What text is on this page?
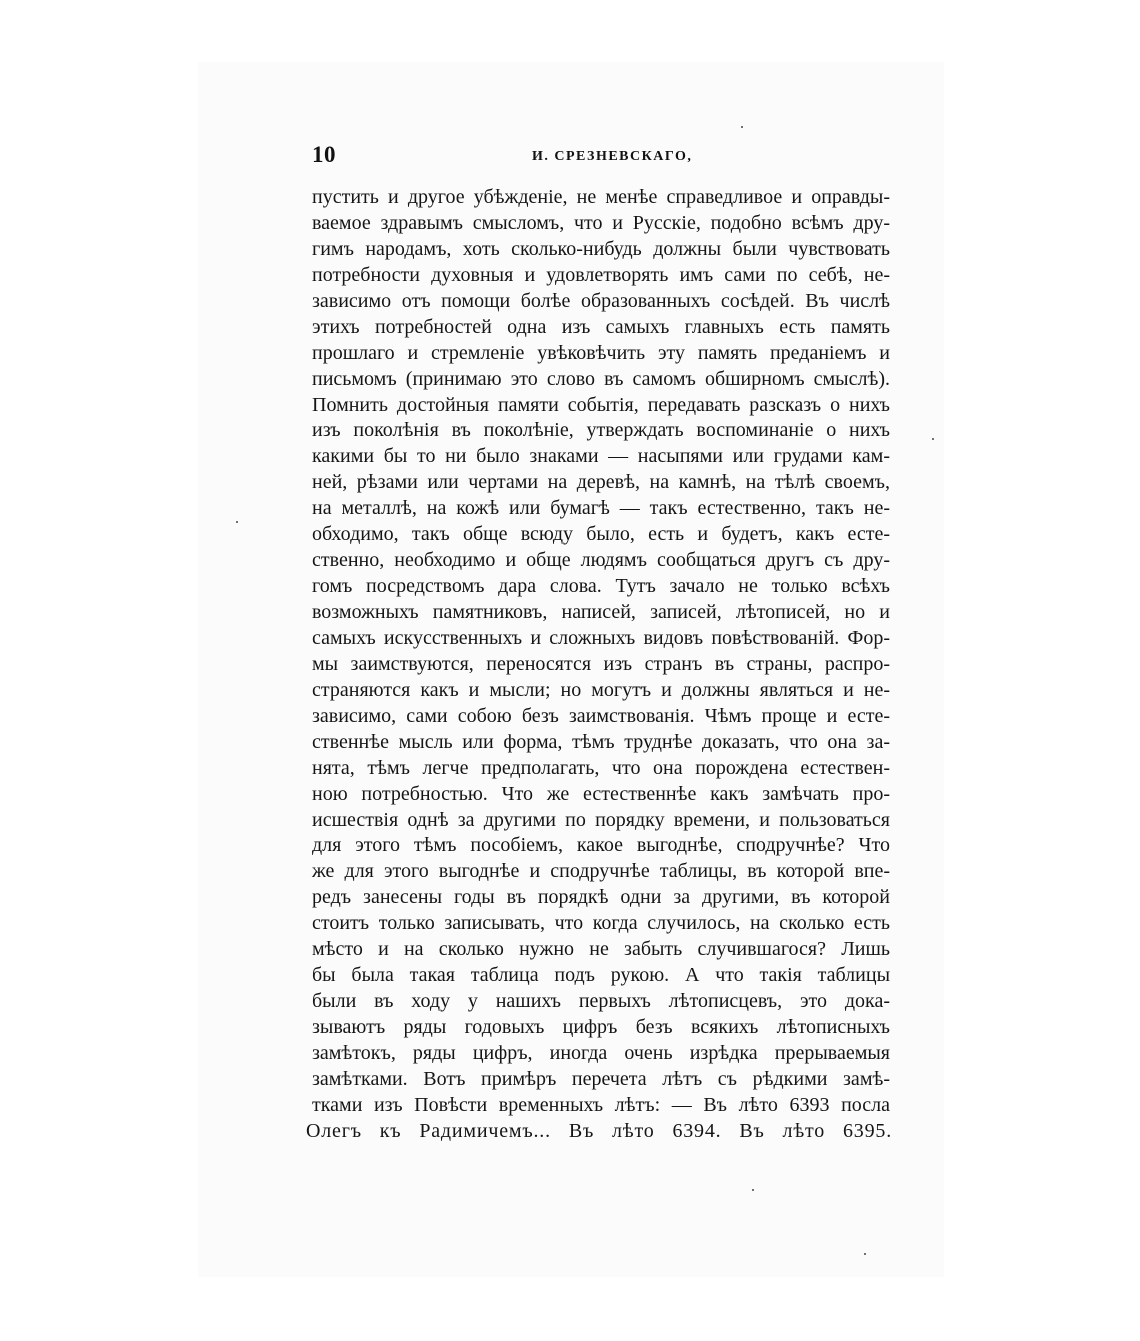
10	И. СРЕЗНЕВСКАГО,
пустить и другое убѣжденіе, не менѣе справедливое и оправды-
ваемое здравымъ смысломъ, что и Русскіе, подобно всѣмъ дру-
гимъ народамъ, хоть сколько-нибудь должны были чувствовать
потребности духовныя и удовлетворять имъ сами по себѣ, не-
зависимо отъ помощи болѣе образованныхъ сосѣдей. Въ числѣ
этихъ потребностей одна изъ самыхъ главныхъ есть память
прошлаго и стремленіе увѣковѣчить эту память преданіемъ и
письмомъ (принимаю это слово въ самомъ обширномъ смыслѣ).
Помнить достойныя памяти событія, передавать разсказъ о нихъ
изъ поколѣнія въ поколѣніе, утверждать воспоминаніе о нихъ
какими бы то ни было знаками — насыпями или грудами кам-
ней, рѣзами или чертами на деревѣ, на камнѣ, на тѣлѣ своемъ,
на металлѣ, на кожѣ или бумагѣ — такъ естественно, такъ не-
обходимо, такъ обще всюду было, есть и будетъ, какъ есте-
ственно, необходимо и обще людямъ сообщаться другъ съ дру-
гомъ посредствомъ дара слова. Тутъ зачало не только всѣхъ
возможныхъ памятниковъ, написей, записей, лѣтописей, но и
самыхъ искусственныхъ и сложныхъ видовъ повѣствованій. Фор-
мы заимствуются, переносятся изъ странъ въ страны, распро-
страняются какъ и мысли; но могутъ и должны являться и не-
зависимо, сами собою безъ заимствованія. Чѣмъ проще и есте-
ственнѣе мысль или форма, тѣмъ труднѣе доказать, что она за-
нята, тѣмъ легче предполагать, что она порождена естествен-
ною потребностью. Что же естественнѣе какъ замѣчать про-
исшествія однѣ за другими по порядку времени, и пользоваться
для этого тѣмъ пособіемъ, какое выгоднѣе, сподручнѣе? Что
же для этого выгоднѣе и сподручнѣе таблицы, въ которой впе-
редъ занесены годы въ порядкѣ одни за другими, въ которой
стоитъ только записывать, что когда случилось, на сколько есть
мѣсто и на сколько нужно не забыть случившагося? Лишь
бы была такая таблица подъ рукою. А что такія таблицы
были въ ходу у нашихъ первыхъ лѣтописцевъ, это дока-
зываютъ ряды годовыхъ цифръ безъ всякихъ лѣтописныхъ
замѣтокъ, ряды цифръ, иногда очень изрѣдка прерываемыя
замѣтками. Вотъ примѣръ перечета лѣтъ съ рѣдкими замѣ-
тками изъ Повѣсти временныхъ лѣтъ: — Въ лѣто 6393 посла
Олегъ къ Радимичемъ... Въ лѣто 6394. Въ лѣто 6395.
